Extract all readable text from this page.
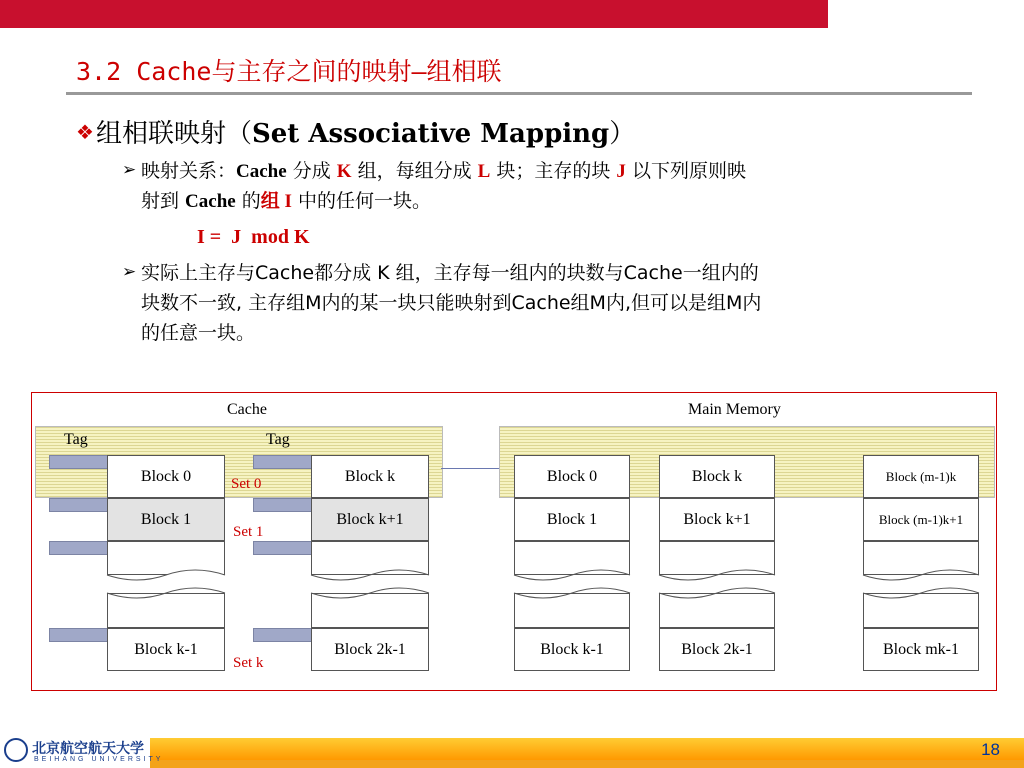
3.2 Cache与主存之间的映射—组相联
❖组相联映射（Set Associative Mapping）
➢ 映射关系：Cache 分成 K 组，每组分成 L 块；主存的块 J 以下列原则映
射到 Cache 的组 I 中的任何一块。
I =  J  mod K
➢ 实际上主存与Cache都分成 K 组，主存每一组内的块数与Cache一组内的
块数不一致, 主存组M内的某一块只能映射到Cache组M内,但可以是组M内
的任意一块。
Cache	Main Memory
Tag	Tag
Block 0
Block 1
Block k-1
Block k
Block k+1
Block 2k-1
Set 0
Set 1
Set k
Block 0
Block 1
Block k-1
Block k
Block k+1
Block 2k-1
Block (m-1)k
Block (m-1)k+1
Block mk-1
北京航空航天大学
BEIHANG UNIVERSITY
18
